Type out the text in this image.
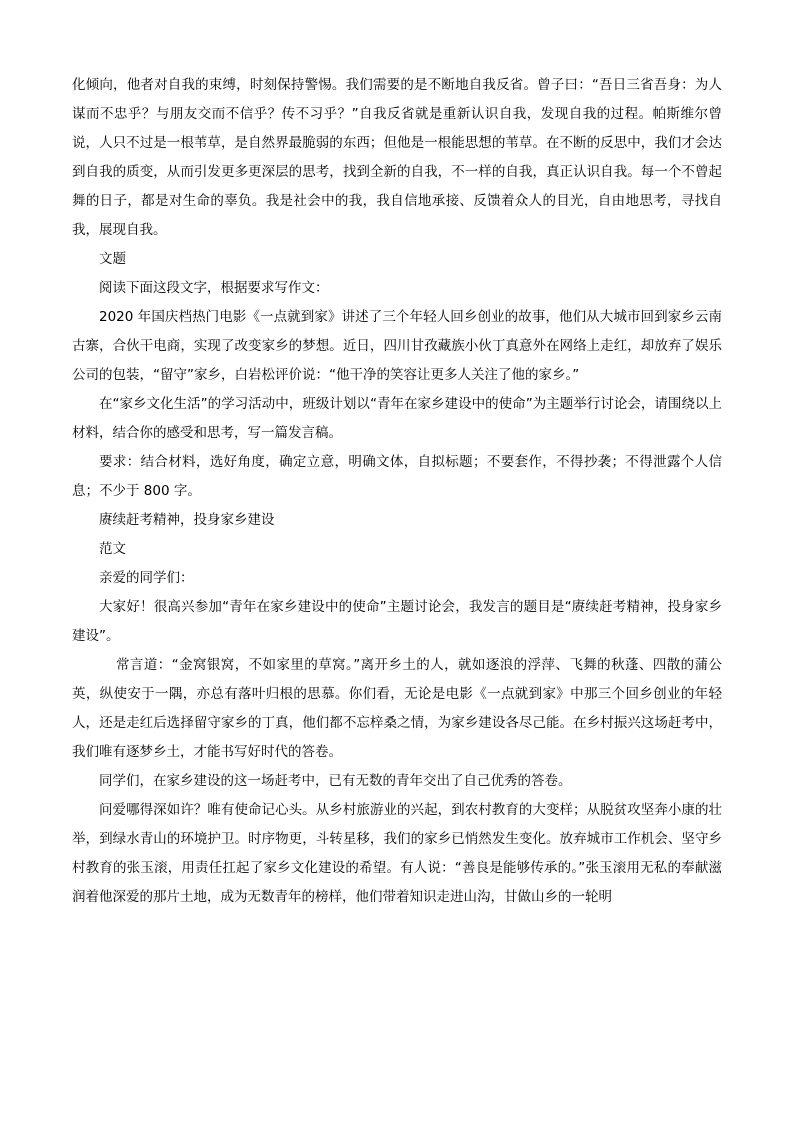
化倾向，他者对自我的束缚，时刻保持警惕。我们需要的是不断地自我反省。曾子曰：“吾日三省吾身：为人谋而不忠乎？与朋友交而不信乎？传不习乎？”自我反省就是重新认识自我，发现自我的过程。帕斯维尔曾说，人只不过是一根苇草，是自然界最脆弱的东西；但他是一根能思想的苇草。在不断的反思中，我们才会达到自我的质变，从而引发更多更深层的思考，找到全新的自我，不一样的自我，真正认识自我。每一个不曾起舞的日子，都是对生命的辜负。我是社会中的我，我自信地承接、反馈着众人的目光，自由地思考，寻找自我，展现自我。

文题

阅读下面这段文字，根据要求写作文：

2020 年国庆档热门电影《一点就到家》讲述了三个年轻人回乡创业的故事，他们从大城市回到家乡云南古寨，合伙干电商，实现了改变家乡的梦想。近日，四川甘孜藏族小伙丁真意外在网络上走红，却放弃了娱乐公司的包装，“留守”家乡，白岩松评价说：“他干净的笑容让更多人关注了他的家乡。”

在“家乡文化生活”的学习活动中，班级计划以“青年在家乡建设中的使命”为主题举行讨论会，请围绕以上材料，结合你的感受和思考，写一篇发言稿。

要求：结合材料，选好角度，确定立意，明确文体，自拟标题；不要套作，不得抄袭；不得泄露个人信息；不少于 800 字。

赓续赶考精神，投身家乡建设

范文

亲爱的同学们：

大家好！很高兴参加“青年在家乡建设中的使命”主题讨论会，我发言的题目是“赓续赶考精神，投身家乡建设”。

常言道：“金窝银窝，不如家里的草窝。”离开乡土的人，就如逐浪的浮萍、飞舞的秋蓬、四散的蒲公英，纵使安于一隅，亦总有落叶归根的思慕。你们看，无论是电影《一点就到家》中那三个回乡创业的年轻人，还是走红后选择留守家乡的丁真，他们都不忘梓桑之情，为家乡建设各尽己能。在乡村振兴这场赶考中，我们唯有逐梦乡土，才能书写好时代的答卷。

同学们，在家乡建设的这一场赶考中，已有无数的青年交出了自己优秀的答卷。

问爱哪得深如许？唯有使命记心头。从乡村旅游业的兴起，到农村教育的大变样；从脱贫攻坚奔小康的壮举，到绿水青山的环境护卫。时序物更，斗转星移，我们的家乡已悄然发生变化。放弃城市工作机会、坚守乡村教育的张玉滚，用责任扛起了家乡文化建设的希望。有人说：“善良是能够传承的。”张玉滚用无私的奉献滋润着他深爱的那片土地，成为无数青年的榜样，他们带着知识走进山沟，甘做山乡的一轮明
